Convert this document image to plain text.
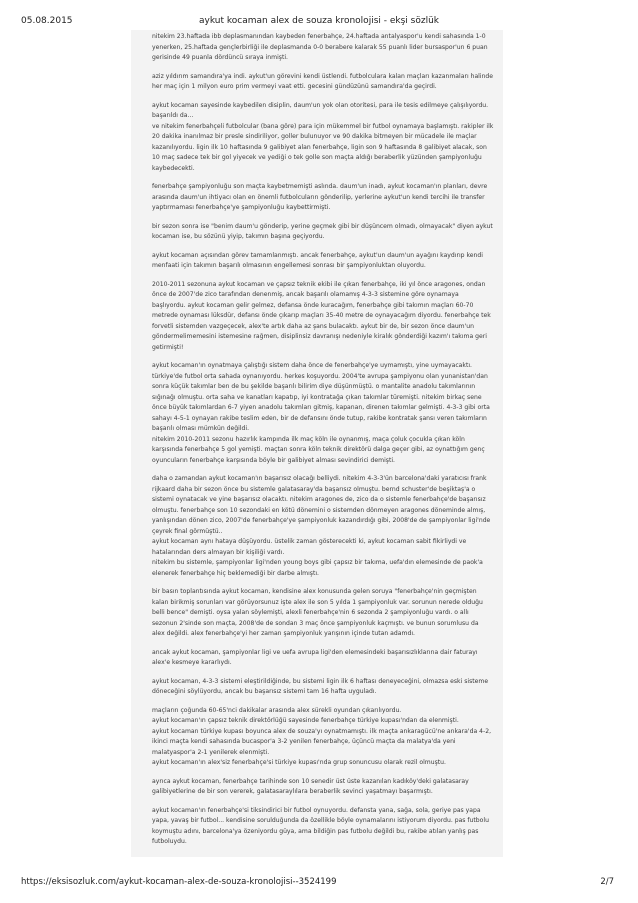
05.08.2015	aykut kocaman alex de souza kronolojisi - ekşi sözlük
nitekim 23.haftada ibb deplasmanından kaybeden fenerbahçe, 24.haftada antalyaspor'u kendi sahasında 1-0
yenerken, 25.haftada gençlerbirliği ile deplasmanda 0-0 berabere kalarak 55 puanlı lider bursaspor'un 6 puan
gerisinde 49 puanla dördüncü sıraya inmişti.
aziz yıldırım samandıra'ya indi. aykut'un görevini kendi üstlendi. futbolculara kalan maçları kazanmaları halinde
her maç için 1 milyon euro prim vermeyi vaat etti. gecesini gündüzünü samandıra'da geçirdi.
aykut kocaman sayesinde kaybedilen disiplin, daum'un yok olan otoritesi, para ile tesis edilmeye çalışılıyordu.
başarıldı da...
ve nitekim fenerbahçeli futbolcular (bana göre) para için mükemmel bir futbol oynamaya başlamıştı. rakipler ilk
20 dakika inanılmaz bir presle sindiriliyor, goller bulunuyor ve 90 dakika bitmeyen bir mücadele ile maçlar
kazanılıyordu. ligin ilk 10 haftasında 9 galibiyet alan fenerbahçe, ligin son 9 haftasında 8 galibiyet alacak, son
10 maç sadece tek bir gol yiyecek ve yediği o tek golle son maçta aldığı beraberlik yüzünden şampiyonluğu
kaybedecekti.
fenerbahçe şampiyonluğu son maçta kaybetmemişti aslında. daum'un inadı, aykut kocaman'ın planları, devre
arasında daum'un ihtiyacı olan en önemli futbolcuların gönderilip, yerlerine aykut'un kendi tercihi ile transfer
yaptırmaması fenerbahçe'ye şampiyonluğu kaybettirmişti.
bir sezon sonra ise "benim daum'u gönderip, yerine geçmek gibi bir düşüncem olmadı, olmayacak" diyen aykut
kocaman ise, bu sözünü yiyip, takımın başına geçiyordu.
aykut kocaman açısından görev tamamlanmıştı. ancak fenerbahçe, aykut'un daum'un ayağını kaydırıp kendi
menfaati için takımın başarılı olmasının engellemesi sonrası bir şampiyonluktan oluyordu.
2010-2011 sezonuna aykut kocaman ve çapsız teknik ekibi ile çıkan fenerbahçe, iki yıl önce aragones, ondan
önce de 2007'de zico tarafından denenmiş, ancak başarılı olamamış 4-3-3 sistemine göre oynamaya
başlıyordu. aykut kocaman gelir gelmez, defansa önde kuracağım, fenerbahçe gibi takımın maçları 60-70
metrede oynaması lüksdür, defansı önde çıkarıp maçları 35-40 metre de oynayacağım diyordu. fenerbahçe tek
forvetli sistemden vazgeçecek, alex'te artık daha az şans bulacaktı. aykut bir de, bir sezon önce daum'un
göndermelimemesini istemesine rağmen, disiplinsiz davranışı nedeniyle kiralık gönderdiği kazım'ı takıma geri
getirmişti!
aykut kocaman'ın oynatmaya çalıştığı sistem daha önce de fenerbahçe'ye uymamıştı, yine uymayacaktı.
türkiye'de futbol orta sahada oynanıyordu. herkes koşuyordu. 2004'te avrupa şampiyonu olan yunanistan'dan
sonra küçük takımlar ben de bu şekilde başarılı bilirim diye düşünmüştü. o mantalite anadolu takımlarının
sığınağı olmuştu. orta saha ve kanatları kapatıp, iyi kontratağa çıkan takımlar türemişti. nitekim birkaç sene
önce büyük takımlardan 6-7 yiyen anadolu takımları gitmiş, kapanan, direnen takımlar gelmişti. 4-3-3 gibi orta
sahayı 4-5-1 oynayan rakibe teslim eden, bir de defansını önde tutup, rakibe kontratak şansı veren takımların
başarılı olması mümkün değildi.
nitekim 2010-2011 sezonu hazırlık kampında ilk maç köln ile oynanmış, maça çoluk çocukla çıkan köln
karşısında fenerbahçe 5 gol yemişti. maçtan sonra köln teknik direktörü dalga geçer gibi, az oynattığım genç
oyuncuların fenerbahçe karşısında böyle bir galibiyet alması sevindirici demişti.
daha o zamandan aykut kocaman'ın başarısız olacağı belliydi. nitekim 4-3-3'ün barcelona'daki yaratıcısı frank
rijkaard daha bir sezon önce bu sistemle galatasaray'da başarısız olmuştu. bernd schuster'de beşiktaş'a o
sistemi oynatacak ve yine başarısız olacaktı. nitekim aragones de, zico da o sistemle fenerbahçe'de başarısız
olmuştu. fenerbahçe son 10 sezondaki en kötü dönemini o sistemden dönmeyen aragones döneminde almış,
yanlışından dönen zico, 2007'de fenerbahçe'ye şampiyonluk kazandırdığı gibi, 2008'de de şampiyonlar ligi'nde
çeyrek final görmüştü..
aykut kocaman aynı hataya düşüyordu. üstelik zaman gösterecekti ki, aykut kocaman sabit fikirliydi ve
hatalarından ders almayan bir kişiliği vardı.
nitekim bu sistemle, şampiyonlar ligi'nden young boys gibi çapsız bir takıma, uefa'dın elemesinde de paok'a
elenerek fenerbahçe hiç beklemediği bir darbe almıştı.
bir basın toplantısında aykut kocaman, kendisine alex konusunda gelen soruya "fenerbahçe'nin geçmişten
kalan birikmiş sorunları var görüyorsunuz işte alex ile son 5 yılda 1 şampiyonluk var. sorunun nerede olduğu
belli bence" demişti. oysa yalan söylemişti, alexli fenerbahçe'nin 6 sezonda 2 şampiyonluğu vardı. o allı
sezonun 2'sinde son maçta, 2008'de de sondan 3 maç önce şampiyonluk kaçmıştı. ve bunun sorumlusu da
alex değildi. alex fenerbahçe'yi her zaman şampiyonluk yarışının içinde tutan adamdı.
ancak aykut kocaman, şampiyonlar ligi ve uefa avrupa ligi'den elemesindeki başarısızlıklarına dair faturayı
alex'e kesmeye kararlıydı.
aykut kocaman, 4-3-3 sistemi eleştirildiğinde, bu sistemi ligin ilk 6 haftası deneyeceğini, olmazsa eski sisteme
döneceğini söylüyordu, ancak bu başarısız sistemi tam 16 hafta uyguladı.
maçların çoğunda 60-65'nci dakikalar arasında alex sürekli oyundan çıkarılıyordu.
aykut kocaman'ın çapsız teknik direktörlüğü sayesinde fenerbahçe türkiye kupası'ndan da elenmişti.
aykut kocaman türkiye kupası boyunca alex de souza'yı oynatmamıştı. ilk maçta ankaragücü'ne ankara'da 4-2,
ikinci maçta kendi sahasında bucaspor'a 3-2 yenilen fenerbahçe, üçüncü maçta da malatya'da yeni
malatyaspor'a 2-1 yenilerek elenmişti.
aykut kocaman'ın alex'siz fenerbahçe'si türkiye kupası'nda grup sonuncusu olarak rezil olmuştu.
ayrıca aykut kocaman, fenerbahçe tarihinde son 10 senedir üst üste kazanılan kadıköy'deki galatasaray
galibiyetlerine de bir son vererek, galatasaraylılara beraberlik sevinci yaşatmayı başarmıştı.
aykut kocaman'ın fenerbahçe'si tiksindirici bir futbol oynuyordu. defansta yana, sağa, sola, geriye pas yapa
yapa, yavaş bir futbol... kendisine sorulduğunda da özellikle böyle oynamalarını istiyorum diyordu. pas futbolu
koymuştu adını, barcelona'ya özeniyordu güya, ama bildiğin pas futbolu değildi bu, rakibe atılan yanlış pas
futboluydu.
https://eksisozluk.com/aykut-kocaman-alex-de-souza-kronolojisi--3524199	2/7
